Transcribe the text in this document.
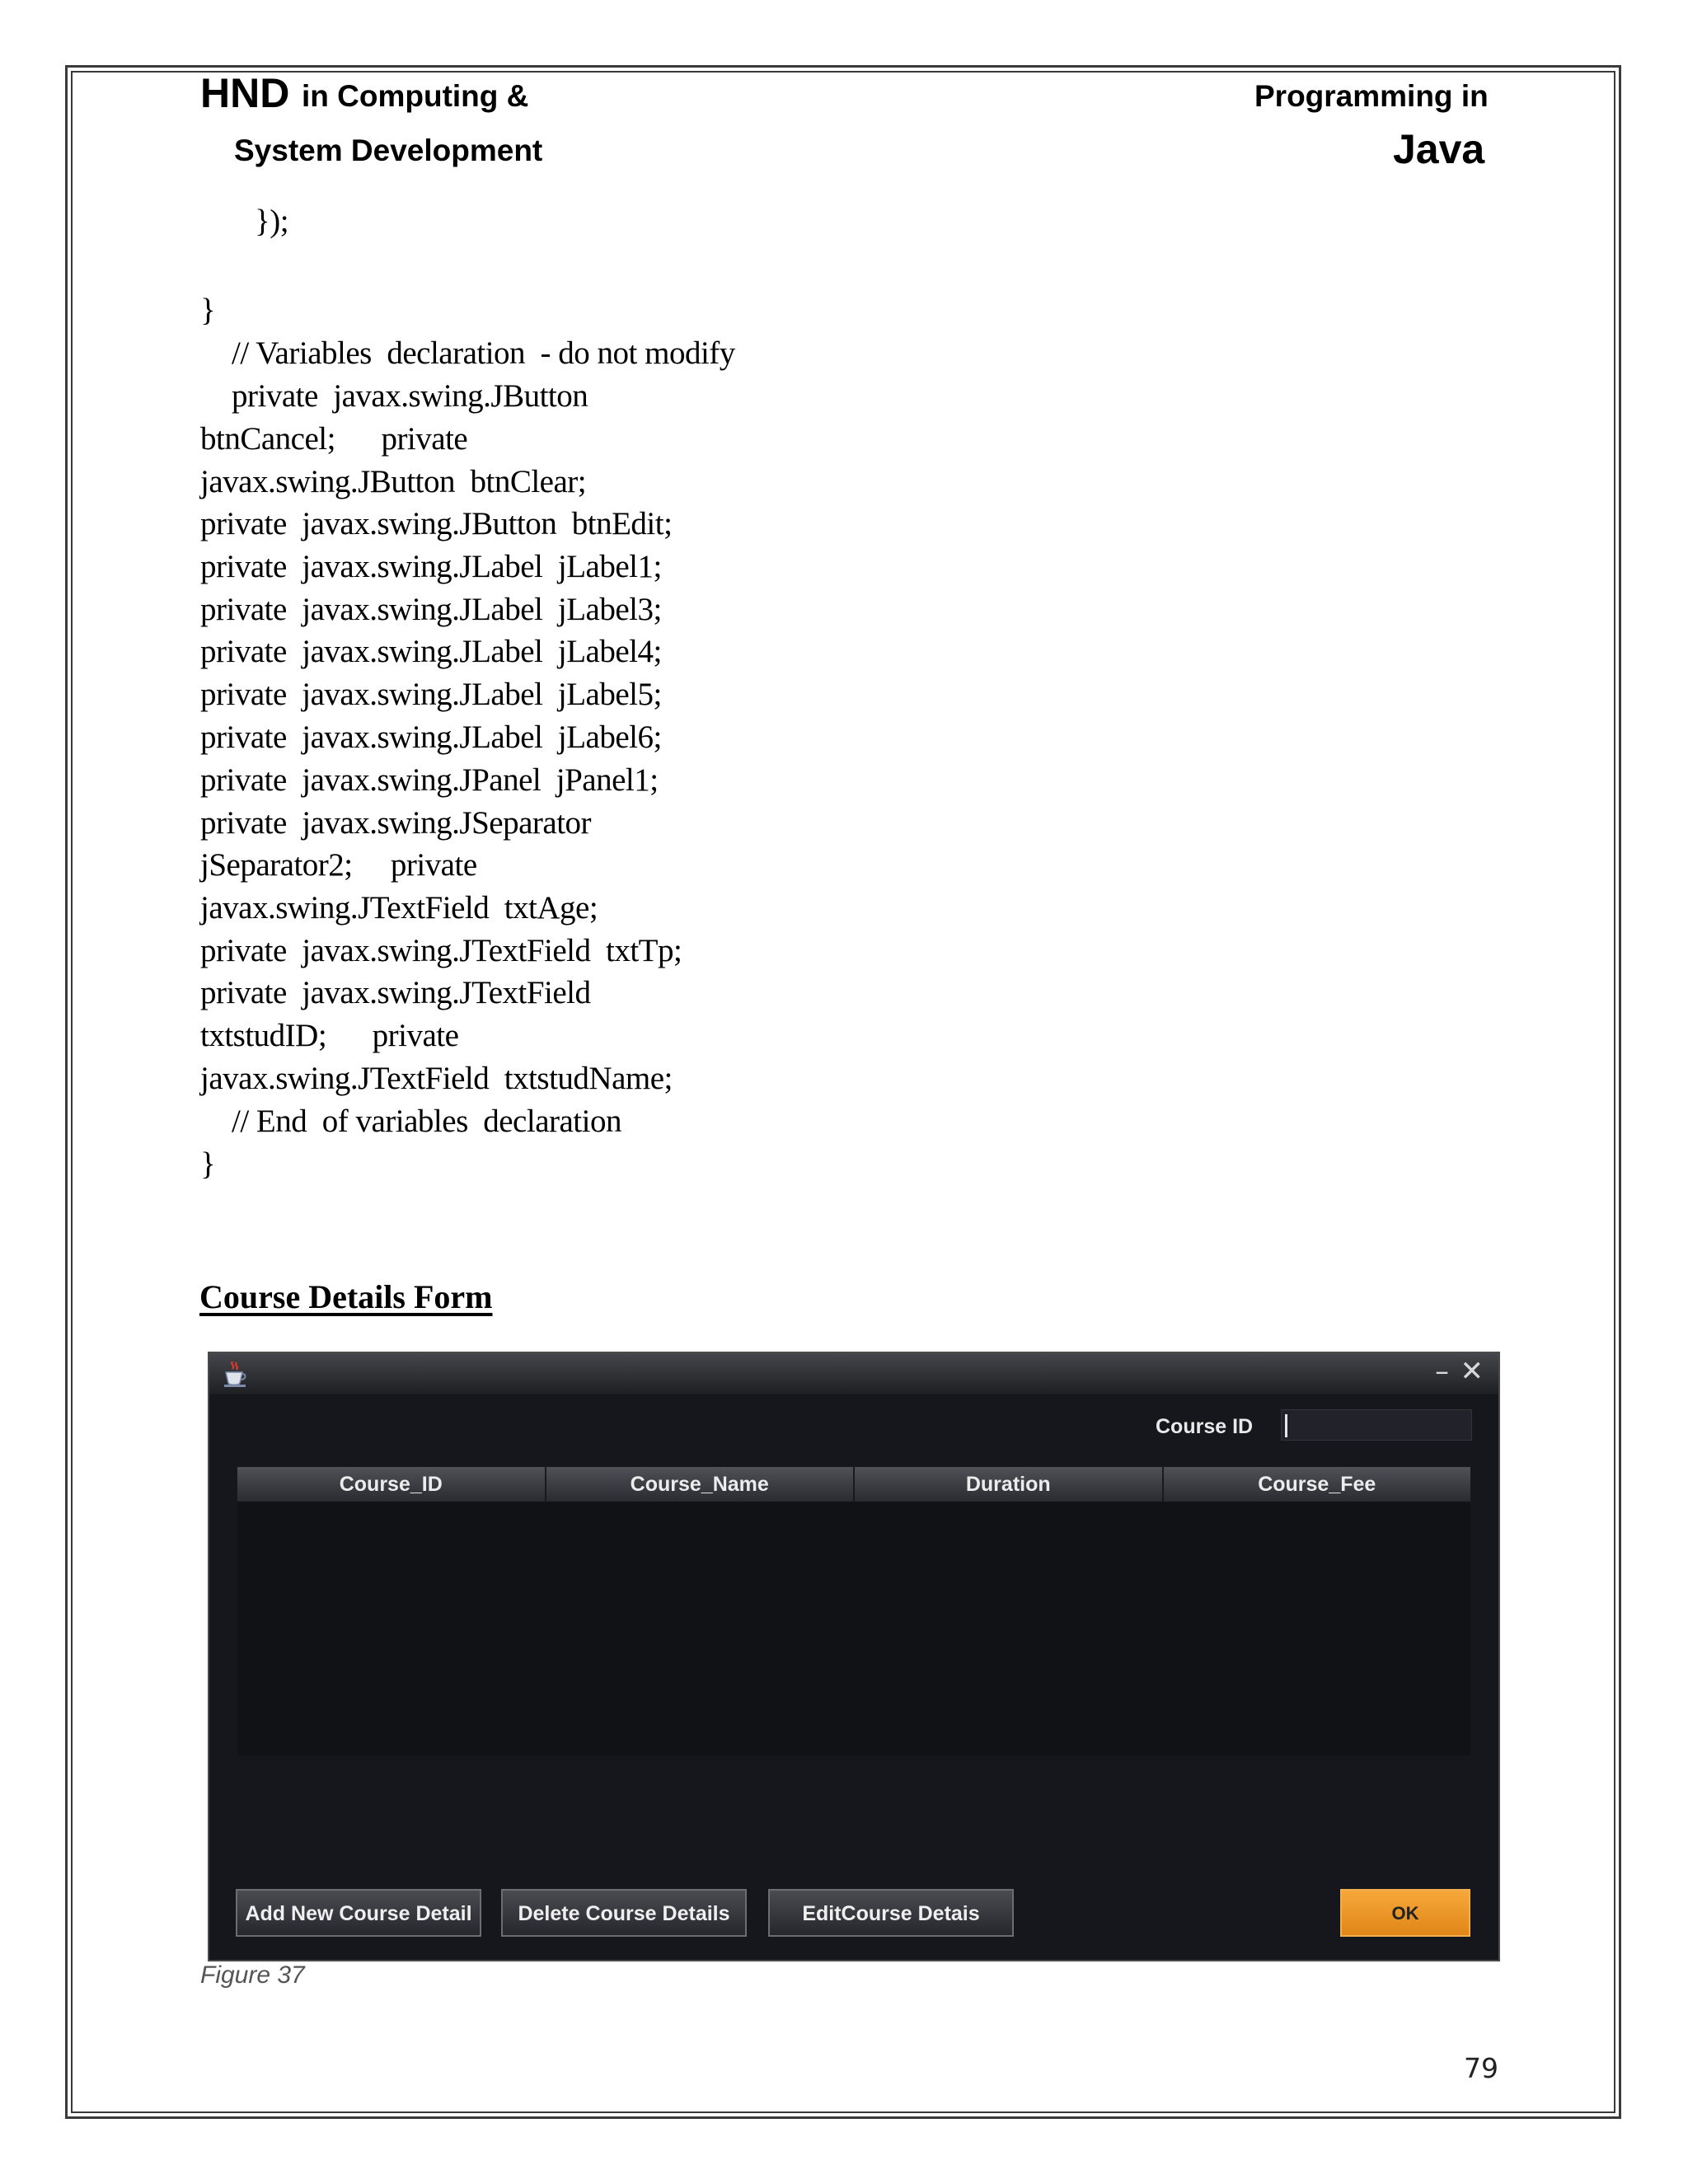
HND in Computing &
System Development
Programming in
Java
});
}
// Variables  declaration  - do not modify
private  javax.swing.JButton
btnCancel;      private
javax.swing.JButton  btnClear;
private  javax.swing.JButton  btnEdit;
private  javax.swing.JLabel  jLabel1;
private  javax.swing.JLabel  jLabel3;
private  javax.swing.JLabel  jLabel4;
private  javax.swing.JLabel  jLabel5;
private  javax.swing.JLabel  jLabel6;
private  javax.swing.JPanel  jPanel1;
private  javax.swing.JSeparator
jSeparator2;     private
javax.swing.JTextField  txtAge;
private  javax.swing.JTextField  txtTp;
private  javax.swing.JTextField
txtstudID;      private
javax.swing.JTextField  txtstudName;
// End  of variables  declaration
}
Course Details Form
– ✕
Course ID
Course_ID	Course_Name	Duration	Course_Fee
Add New Course Detail	Delete Course Details	EditCourse Detais	OK
Figure 37
79
